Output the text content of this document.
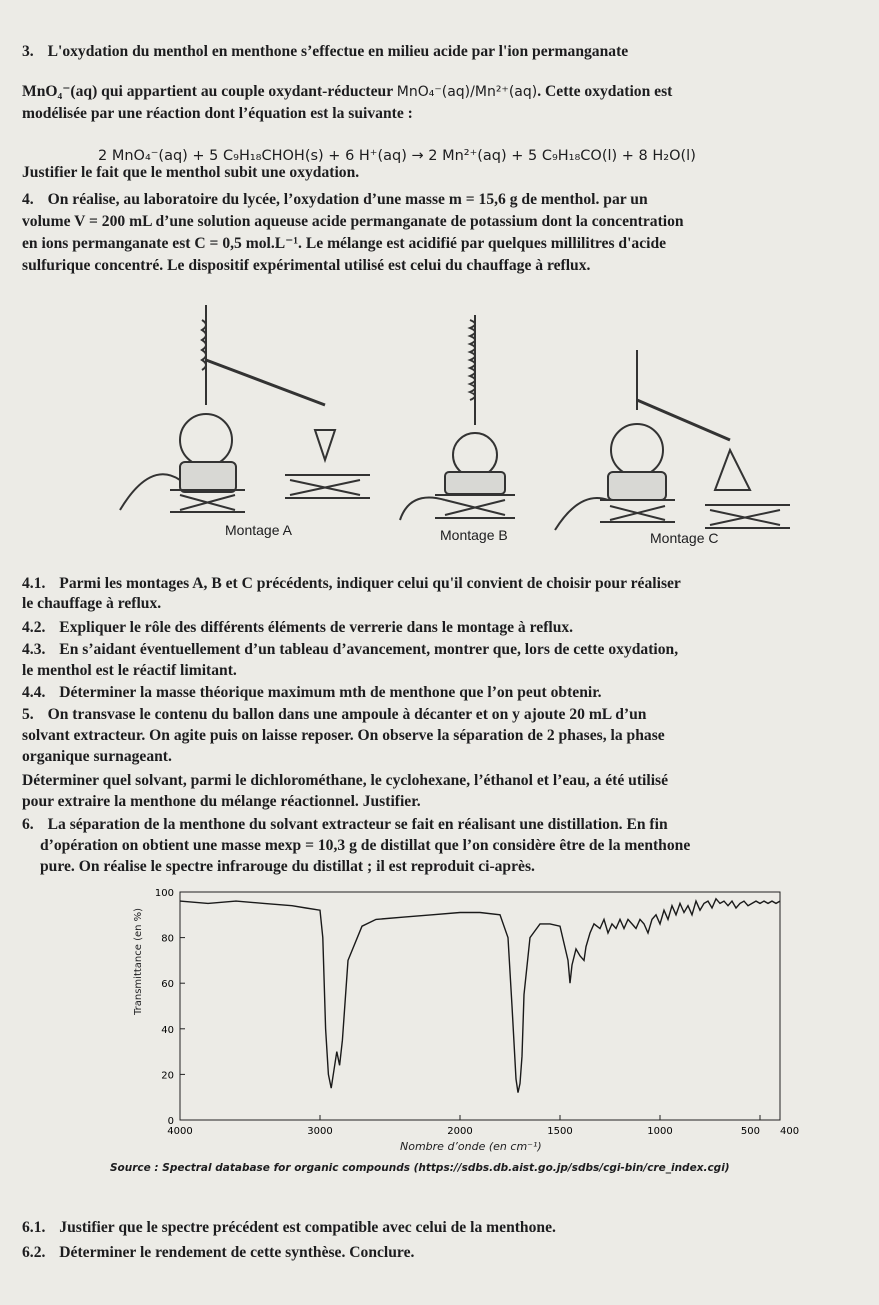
3. L'oxydation du menthol en menthone s’effectue en milieu acide par l'ion permanganate

MnO₄⁻(aq) qui appartient au couple oxydant-réducteur MnO₄⁻(aq)/Mn²⁺(aq). Cette oxydation est

modélisée par une réaction dont l’équation est la suivante :

2 MnO₄⁻(aq) + 5 C₉H₁₈CHOH(s) + 6 H⁺(aq) → 2 Mn²⁺(aq) + 5 C₉H₁₈CO(l) + 8 H₂O(l)

Justifier le fait que le menthol subit une oxydation.

4. On réalise, au laboratoire du lycée, l’oxydation d’une masse m = 15,6 g de menthol. par un

volume V = 200 mL d’une solution aqueuse acide permanganate de potassium dont la concentration

en ions permanganate est C = 0,5 mol.L⁻¹. Le mélange est acidifié par quelques millilitres d'acide

sulfurique concentré. Le dispositif expérimental utilisé est celui du chauffage à reflux.

Montage A	Montage B	Montage C

4.1. Parmi les montages A, B et C précédents, indiquer celui qu'il convient de choisir pour réaliser

le chauffage à reflux.

4.2. Expliquer le rôle des différents éléments de verrerie dans le montage à reflux.

4.3. En s’aidant éventuellement d’un tableau d’avancement, montrer que, lors de cette oxydation,

le menthol est le réactif limitant.

4.4. Déterminer la masse théorique maximum mth de menthone que l’on peut obtenir.

5. On transvase le contenu du ballon dans une ampoule à décanter et on y ajoute 20 mL d’un

solvant extracteur. On agite puis on laisse reposer. On observe la séparation de 2 phases, la phase

organique surnageant.

Déterminer quel solvant, parmi le dichlorométhane, le cyclohexane, l’éthanol et l’eau, a été utilisé

pour extraire la menthone du mélange réactionnel. Justifier.

6. La séparation de la menthone du solvant extracteur se fait en réalisant une distillation. En fin

d’opération on obtient une masse mexp = 10,3 g de distillat que l’on considère être de la menthone

pure. On réalise le spectre infrarouge du distillat ; il est reproduit ci-après.

0
20
40
60
80
100
4000	3000	2000	1500	1000	500 400
Transmittance (en %)
Nombre d’onde (en cm⁻¹)
Source : Spectral database for organic compounds (https://sdbs.db.aist.go.jp/sdbs/cgi-bin/cre_index.cgi)

6.1. Justifier que le spectre précédent est compatible avec celui de la menthone.

6.2. Déterminer le rendement de cette synthèse. Conclure.
